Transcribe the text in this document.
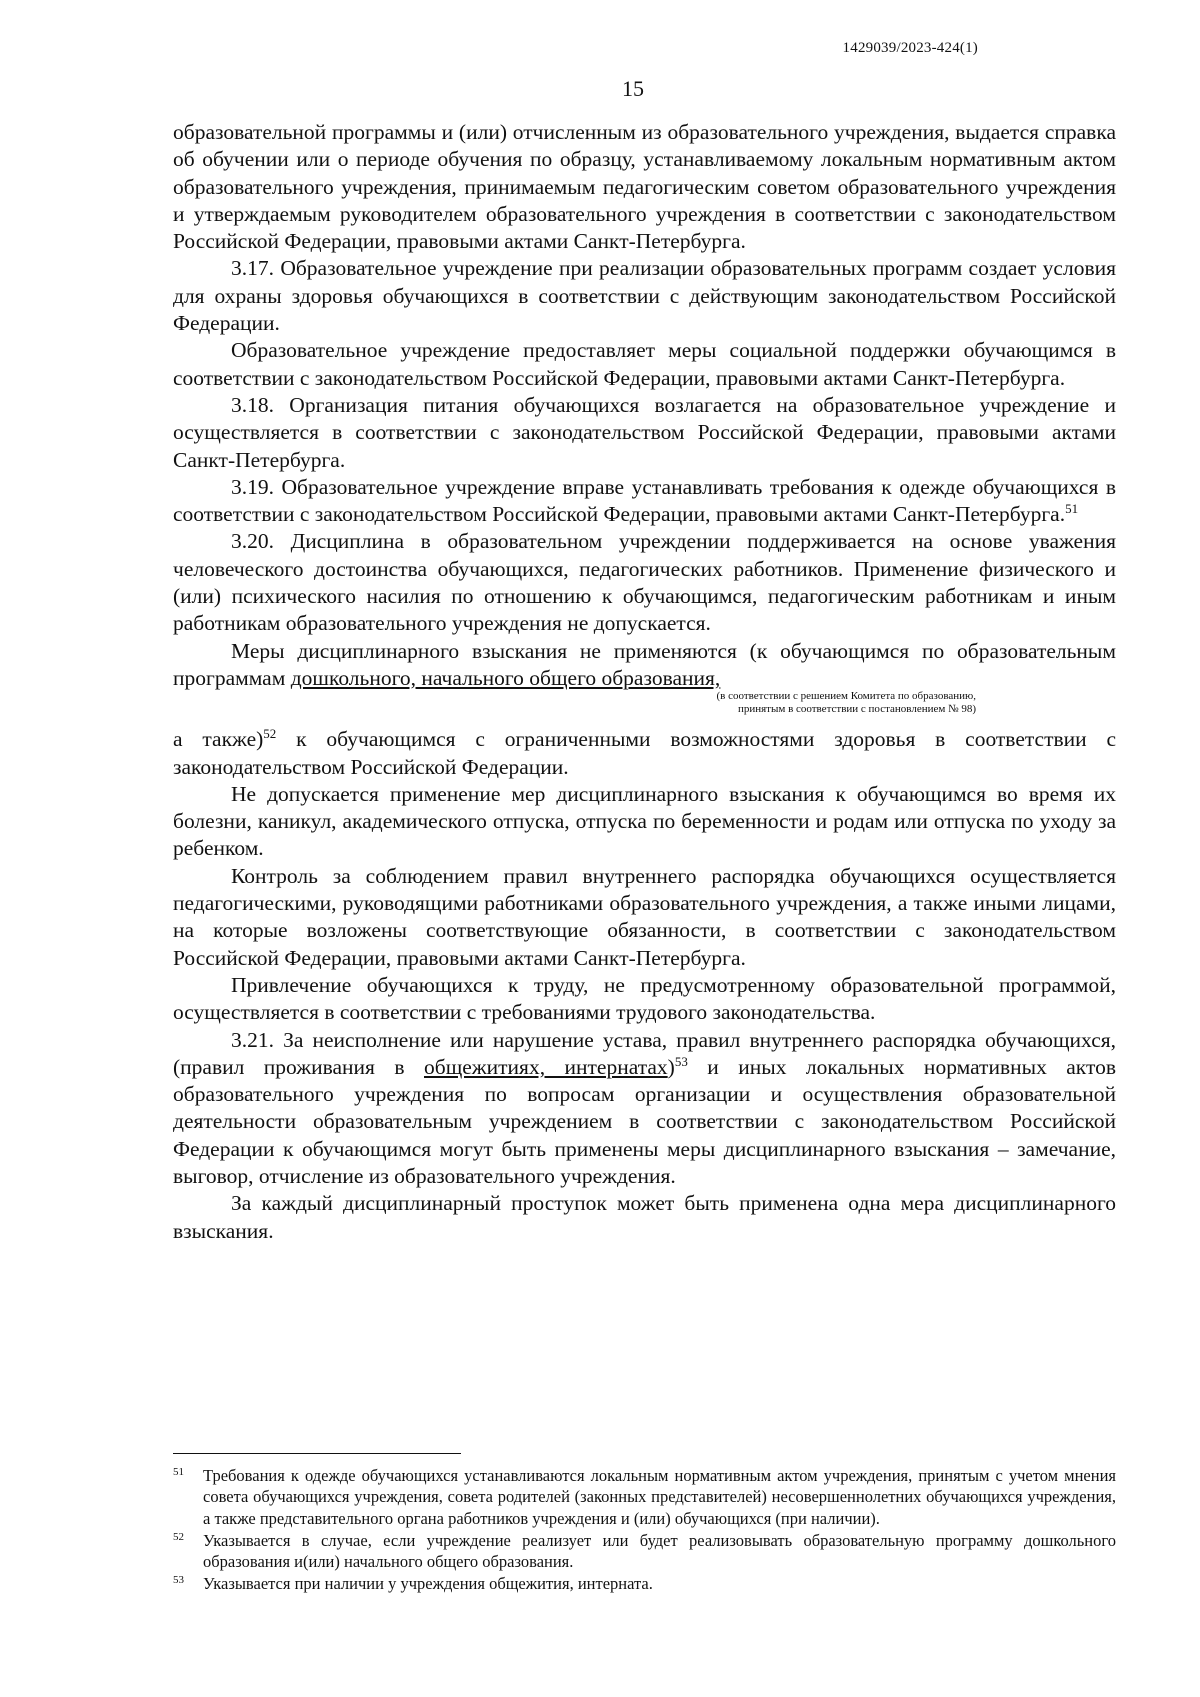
1429039/2023-424(1)
15

образовательной программы и (или) отчисленным из образовательного учреждения, выдается справка об обучении или о периоде обучения по образцу, устанавливаемому локальным нормативным актом образовательного учреждения, принимаемым педагогическим советом образовательного учреждения и утверждаемым руководителем образовательного учреждения в соответствии с законодательством Российской Федерации, правовыми актами Санкт-Петербурга.

3.17. Образовательное учреждение при реализации образовательных программ создает условия для охраны здоровья обучающихся в соответствии с действующим законодательством Российской Федерации.

Образовательное учреждение предоставляет меры социальной поддержки обучающимся в соответствии с законодательством Российской Федерации, правовыми актами Санкт-Петербурга.

3.18. Организация питания обучающихся возлагается на образовательное учреждение и осуществляется в соответствии с законодательством Российской Федерации, правовыми актами Санкт-Петербурга.

3.19. Образовательное учреждение вправе устанавливать требования к одежде обучающихся в соответствии с законодательством Российской Федерации, правовыми актами Санкт-Петербурга.$^{51}$

3.20. Дисциплина в образовательном учреждении поддерживается на основе уважения человеческого достоинства обучающихся, педагогических работников. Применение физического и (или) психического насилия по отношению к обучающимся, педагогическим работникам и иным работникам образовательного учреждения не допускается.

Меры дисциплинарного взыскания не применяются (к обучающимся по образовательным программам дошкольного, начального общего образования,

(в соответствии с решением Комитета по образованию,
принятым в соответствии с постановлением № 98)

а также)$^{52}$ к обучающимся с ограниченными возможностями здоровья в соответствии с законодательством Российской Федерации.

Не допускается применение мер дисциплинарного взыскания к обучающимся во время их болезни, каникул, академического отпуска, отпуска по беременности и родам или отпуска по уходу за ребенком.

Контроль за соблюдением правил внутреннего распорядка обучающихся осуществляется педагогическими, руководящими работниками образовательного учреждения, а также иными лицами, на которые возложены соответствующие обязанности, в соответствии с законодательством Российской Федерации, правовыми актами Санкт-Петербурга.

Привлечение обучающихся к труду, не предусмотренному образовательной программой, осуществляется в соответствии с требованиями трудового законодательства.

3.21. За неисполнение или нарушение устава, правил внутреннего распорядка обучающихся, (правил проживания в общежитиях, интернатах)$^{53}$ и иных локальных нормативных актов образовательного учреждения по вопросам организации и осуществления образовательной деятельности образовательным учреждением в соответствии с законодательством Российской Федерации к обучающимся могут быть применены меры дисциплинарного взыскания – замечание, выговор, отчисление из образовательного учреждения.

За каждый дисциплинарный проступок может быть применена одна мера дисциплинарного взыскания.

51	Требования к одежде обучающихся устанавливаются локальным нормативным актом учреждения, принятым с учетом мнения совета обучающихся учреждения, совета родителей (законных представителей) несовершеннолетних обучающихся учреждения, а также представительного органа работников учреждения и (или) обучающихся (при наличии).
52	Указывается в случае, если учреждение реализует или будет реализовывать образовательную программу дошкольного образования и(или) начального общего образования.
53	Указывается при наличии у учреждения общежития, интерната.
